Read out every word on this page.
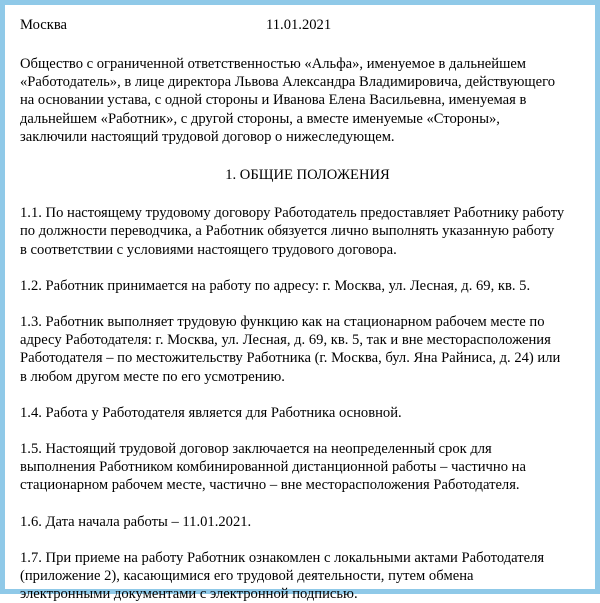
Москва	11.01.2021

Общество с ограниченной ответственностью «Альфа», именуемое в дальнейшем
«Работодатель», в лице директора Львова Александра Владимировича, действующего
на основании устава, с одной стороны и Иванова Елена Васильевна, именуемая в
дальнейшем «Работник», с другой стороны, а вместе именуемые «Стороны»,
заключили настоящий трудовой договор о нижеследующем.

1. ОБЩИЕ ПОЛОЖЕНИЯ

1.1. По настоящему трудовому договору Работодатель предоставляет Работнику работу
по должности переводчика, а Работник обязуется лично выполнять указанную работу
в соответствии с условиями настоящего трудового договора.

1.2. Работник принимается на работу по адресу: г. Москва, ул. Лесная, д. 69, кв. 5.

1.3. Работник выполняет трудовую функцию как на стационарном рабочем месте по
адресу Работодателя: г. Москва, ул. Лесная, д. 69, кв. 5, так и вне месторасположения
Работодателя – по местожительству Работника (г. Москва, бул. Яна Райниса, д. 24) или
в любом другом месте по его усмотрению.

1.4. Работа у Работодателя является для Работника основной.

1.5. Настоящий трудовой договор заключается на неопределенный срок для
выполнения Работником комбинированной дистанционной работы – частично на
стационарном рабочем месте, частично – вне месторасположения Работодателя.

1.6. Дата начала работы – 11.01.2021.

1.7. При приеме на работу Работник ознакомлен с локальными актами Работодателя
(приложение 2), касающимися его трудовой деятельности, путем обмена
электронными документами с электронной подписью.
